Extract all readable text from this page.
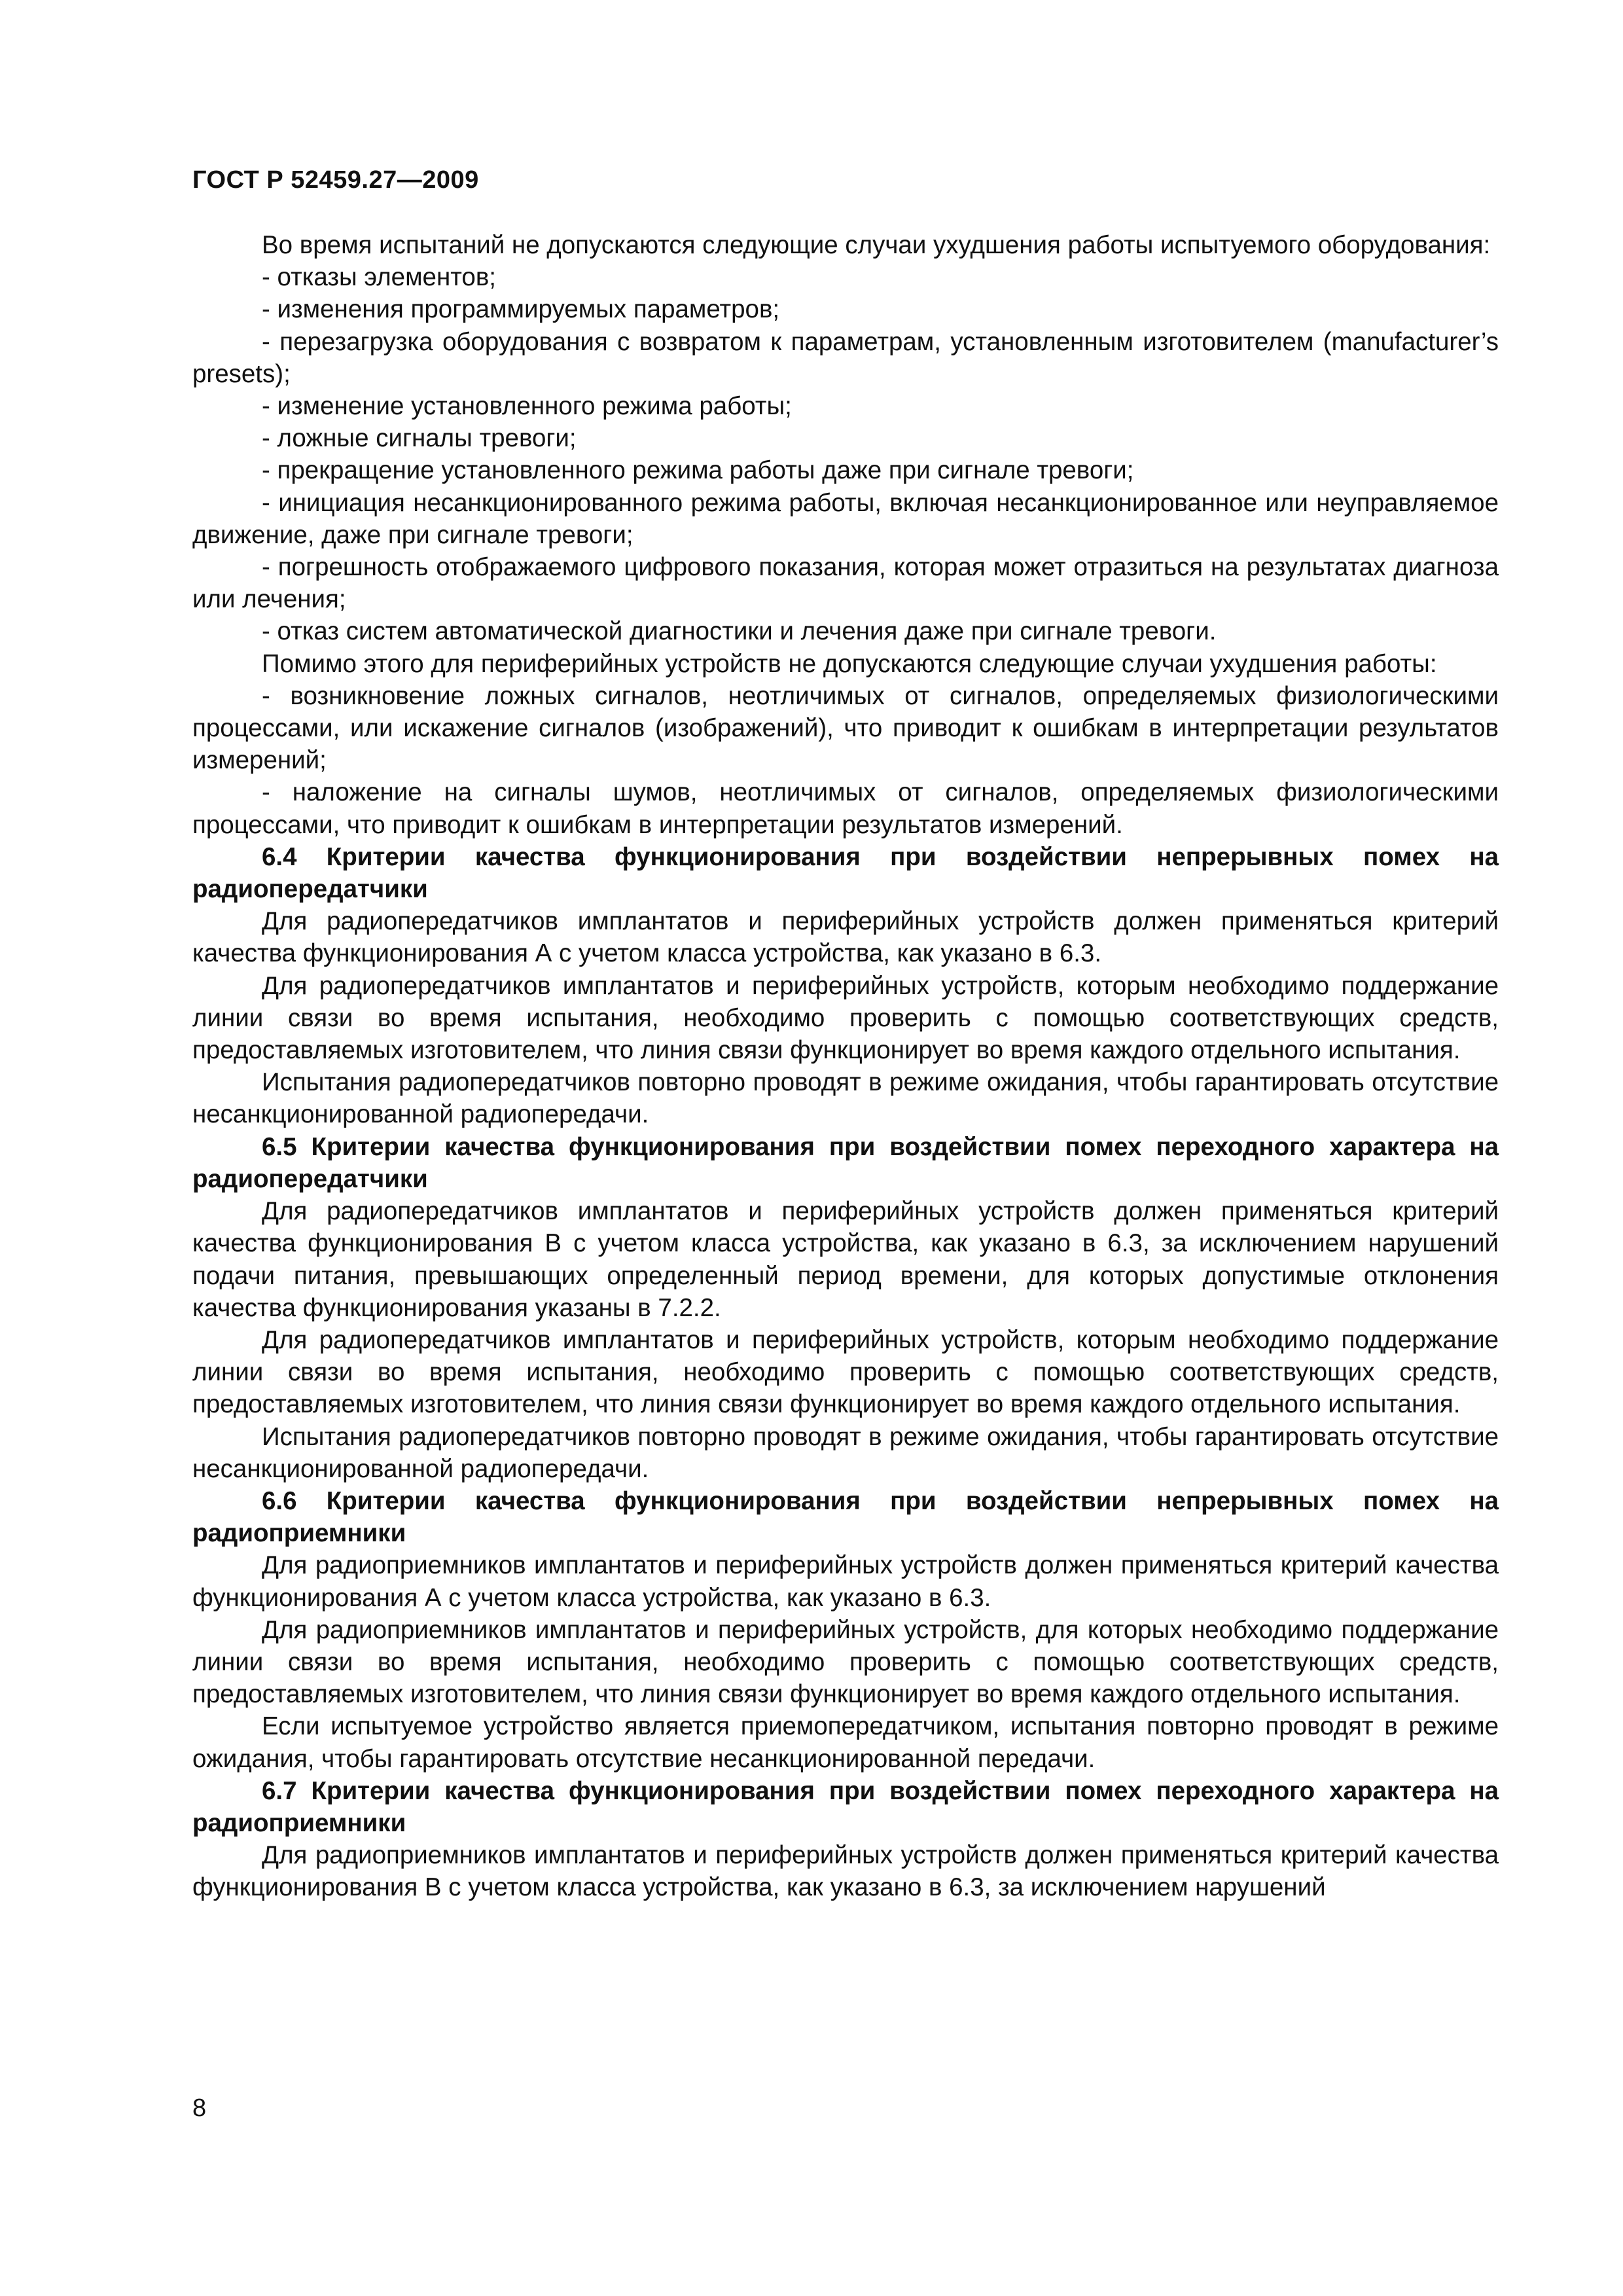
ГОСТ Р 52459.27—2009

Во время испытаний не допускаются следующие случаи ухудшения работы испытуемого оборудования:

- отказы элементов;

- изменения программируемых параметров;

- перезагрузка оборудования с возвратом к параметрам, установленным изготовителем (manufacturer’s presets);

- изменение установленного режима работы;

- ложные сигналы тревоги;

- прекращение установленного режима работы даже при сигнале тревоги;

- инициация несанкционированного режима работы, включая несанкционированное или неуправляемое движение, даже при сигнале тревоги;

- погрешность отображаемого цифрового показания, которая может отразиться на результатах диагноза или лечения;

- отказ систем автоматической диагностики и лечения даже при сигнале тревоги.

Помимо этого для периферийных устройств не допускаются следующие случаи ухудшения работы:

- возникновение ложных сигналов, неотличимых от сигналов, определяемых физиологическими процессами, или искажение сигналов (изображений), что приводит к ошибкам в интерпретации результатов измерений;

- наложение на сигналы шумов, неотличимых от сигналов, определяемых физиологическими процессами, что приводит к ошибкам в интерпретации результатов измерений.

6.4 Критерии качества функционирования при воздействии непрерывных помех на радиопередатчики

Для радиопередатчиков имплантатов и периферийных устройств должен применяться критерий качества функционирования А с учетом класса устройства, как указано в 6.3.

Для радиопередатчиков имплантатов и периферийных устройств, которым необходимо поддержание линии связи во время испытания, необходимо проверить с помощью соответствующих средств, предоставляемых изготовителем, что линия связи функционирует во время каждого отдельного испытания.

Испытания радиопередатчиков повторно проводят в режиме ожидания, чтобы гарантировать отсутствие несанкционированной радиопередачи.

6.5 Критерии качества функционирования при воздействии помех переходного характера на радиопередатчики

Для радиопередатчиков имплантатов и периферийных устройств должен применяться критерий качества функционирования В с учетом класса устройства, как указано в 6.3, за исключением нарушений подачи питания, превышающих определенный период времени, для которых допустимые отклонения качества функционирования указаны в 7.2.2.

Для радиопередатчиков имплантатов и периферийных устройств, которым необходимо поддержание линии связи во время испытания, необходимо проверить с помощью соответствующих средств, предоставляемых изготовителем, что линия связи функционирует во время каждого отдельного испытания.

Испытания радиопередатчиков повторно проводят в режиме ожидания, чтобы гарантировать отсутствие несанкционированной радиопередачи.

6.6 Критерии качества функционирования при воздействии непрерывных помех на радиоприемники

Для радиоприемников имплантатов и периферийных устройств должен применяться критерий качества функционирования А с учетом класса устройства, как указано в 6.3.

Для радиоприемников имплантатов и периферийных устройств, для которых необходимо поддержание линии связи во время испытания, необходимо проверить с помощью соответствующих средств, предоставляемых изготовителем, что линия связи функционирует во время каждого отдельного испытания.

Если испытуемое устройство является приемопередатчиком, испытания повторно проводят в режиме ожидания, чтобы гарантировать отсутствие несанкционированной передачи.

6.7 Критерии качества функционирования при воздействии помех переходного характера на радиоприемники

Для радиоприемников имплантатов и периферийных устройств должен применяться критерий качества функционирования В с учетом класса устройства, как указано в 6.3, за исключением нарушений

8
